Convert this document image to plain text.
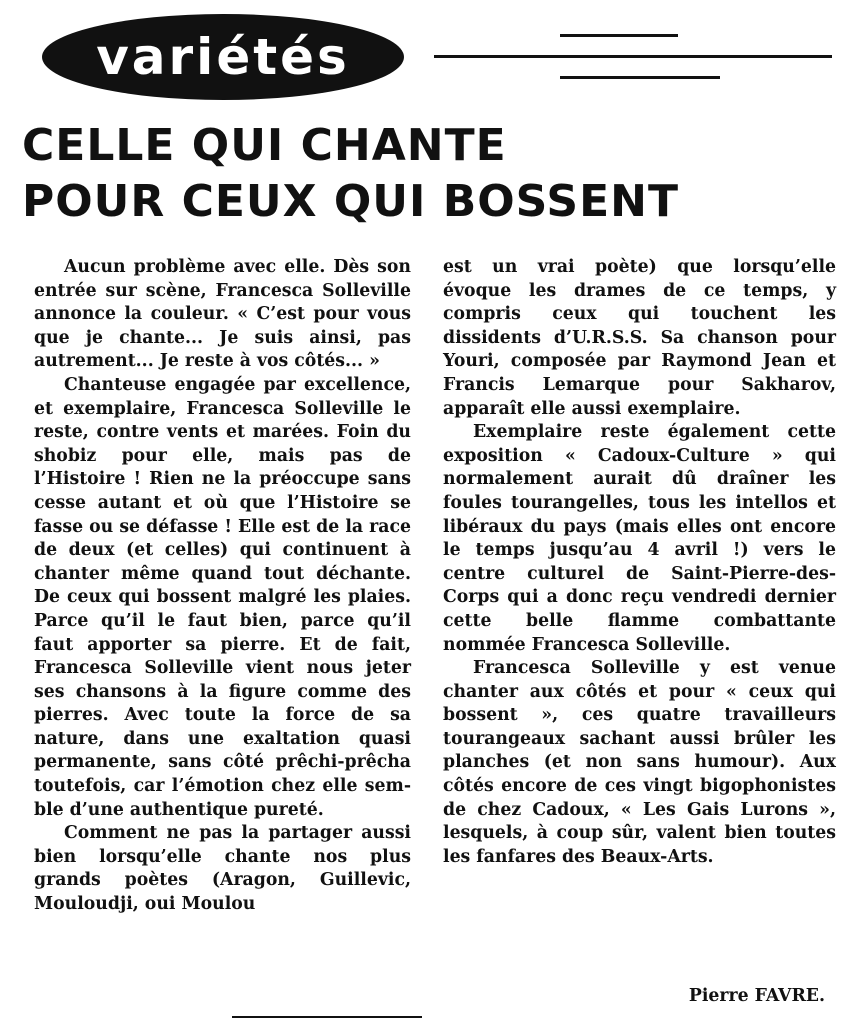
variétés
CELLE QUI CHANTE
POUR CEUX QUI BOSSENT

Aucun problème avec elle. Dès son entrée sur scène, Francesca Solleville annonce la couleur. « C’est pour vous que je chante... Je suis ainsi, pas autrement... Je reste à vos côtés... »

Chanteuse engagée par excellence, et exemplaire, Francesca Solleville le reste, contre vents et marées. Foin du shobiz pour elle, mais pas de l’Histoire ! Rien ne la préoccupe sans cesse autant et où que l’Histoire se fasse ou se défasse ! Elle est de la race de deux (et celles) qui continuent à chanter même quand tout déchante. De ceux qui bossent malgré les plaies. Parce qu’il le faut bien, parce qu’il faut apporter sa pierre. Et de fait, Francesca Solleville vient nous jeter ses chansons à la figure comme des pierres. Avec toute la force de sa nature, dans une exaltation quasi permanente, sans côté prêchi-prêcha toutefois, car l’émotion chez elle semble d’une authentique pureté.

Comment ne pas la partager aussi bien lorsqu’elle chante nos plus grands poètes (Aragon, Guillevic, Mouloudji, oui Moulou

est un vrai poète) que lorsqu’elle évoque les drames de ce temps, y compris ceux qui touchent les dissidents d’U.R.S.S. Sa chanson pour Youri, composée par Raymond Jean et Francis Lemarque pour Sakharov, apparaît elle aussi exemplaire.

Exemplaire reste également cette exposition « Cadoux-Culture » qui normalement aurait dû draîner les foules tourangelles, tous les intellos et libéraux du pays (mais elles ont encore le temps jusqu’au 4 avril !) vers le centre culturel de Saint-Pierre-des-Corps qui a donc reçu vendredi dernier cette belle flamme combattante nommée Francesca Solleville.

Francesca Solleville y est venue chanter aux côtés et pour « ceux qui bossent », ces quatre travailleurs tourangeaux sachant aussi brûler les planches (et non sans humour). Aux côtés encore de ces vingt bigophonistes de chez Cadoux, « Les Gais Lurons », lesquels, à coup sûr, valent bien toutes les fanfares des Beaux-Arts.

Pierre FAVRE.
